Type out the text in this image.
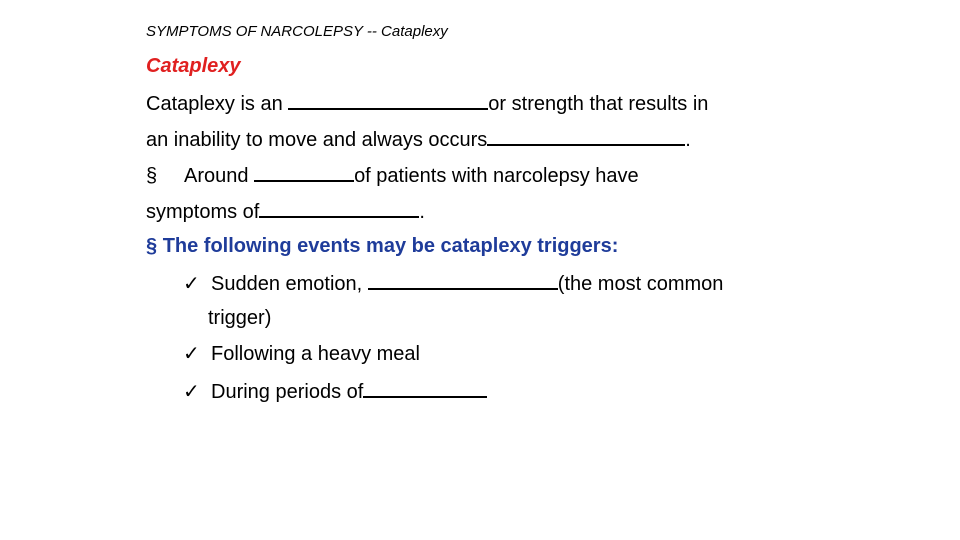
SYMPTOMS OF NARCOLEPSY -- Cataplexy
Cataplexy
Cataplexy is an	or strength that results in
an inability to move and always occurs	.
§ Around	of patients with narcolepsy have
symptoms of	.
§ The following events may be cataplexy triggers:
✓ Sudden emotion,	(the most common
trigger)
✓ Following a heavy meal
✓ During periods of
